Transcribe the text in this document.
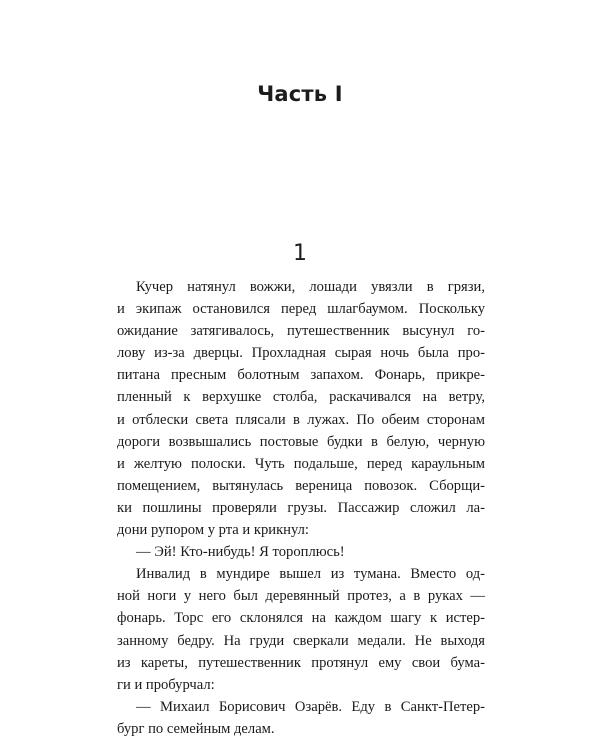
Часть I
1
Кучер натянул вожжи, лошади увязли в грязи,
и экипаж остановился перед шлагбаумом. Поскольку
ожидание затягивалось, путешественник высунул го-
лову из-за дверцы. Прохладная сырая ночь была про-
питана пресным болотным запахом. Фонарь, прикре-
пленный к верхушке столба, раскачивался на ветру,
и отблески света плясали в лужах. По обеим сторонам
дороги возвышались постовые будки в белую, черную
и желтую полоски. Чуть подальше, перед караульным
помещением, вытянулась вереница повозок. Сборщи-
ки пошлины проверяли грузы. Пассажир сложил ла-
дони рупором у рта и крикнул:
— Эй! Кто-нибудь! Я тороплюсь!
Инвалид в мундире вышел из тумана. Вместо од-
ной ноги у него был деревянный протез, а в руках —
фонарь. Торс его склонялся на каждом шагу к истер-
занному бедру. На груди сверкали медали. Не выходя
из кареты, путешественник протянул ему свои бума-
ги и пробурчал:
— Михаил Борисович Озарёв. Еду в Санкт-Петер-
бург по семейным делам.
